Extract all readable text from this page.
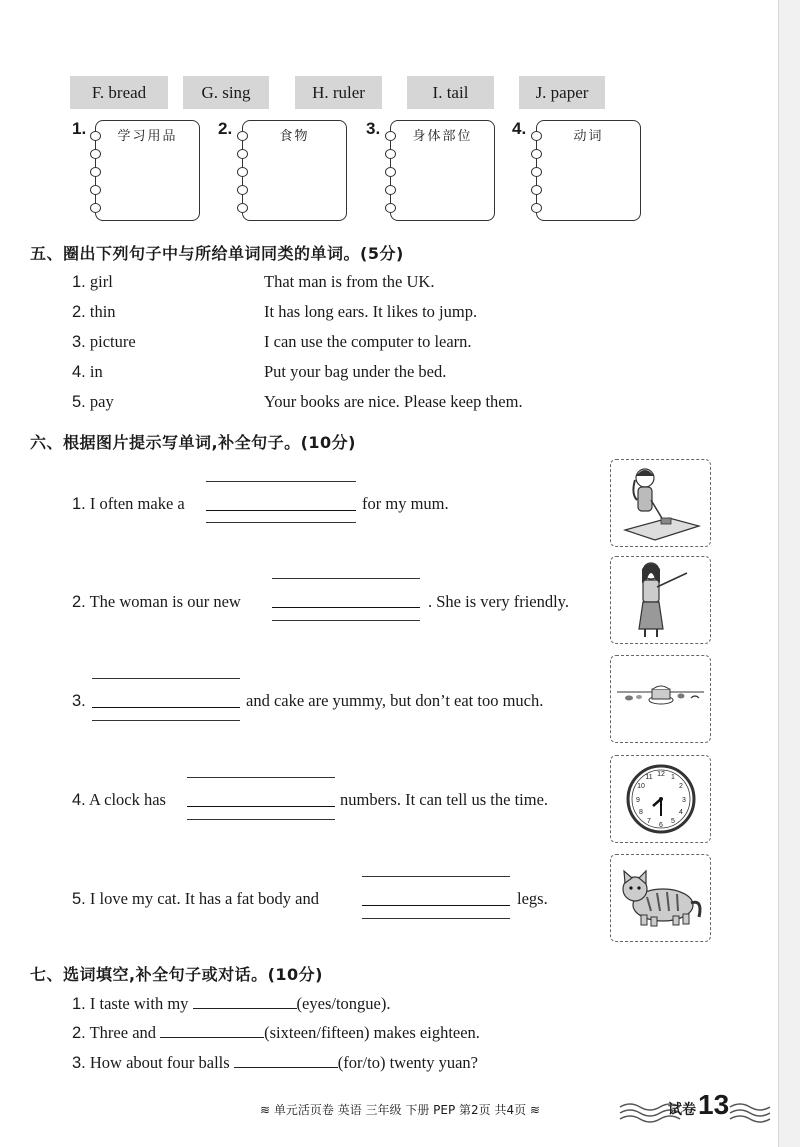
F. bread	G. sing	H. ruler	I. tail	J. paper
1.	学习用品	2.	食物	3.	身体部位	4.	动词
五、圈出下列句子中与所给单词同类的单词。(5分)
1. girl	That man is from the UK.
2. thin	It has long ears. It likes to jump.
3. picture	I can use the computer to learn.
4. in	Put your bag under the bed.
5. pay	Your books are nice. Please keep them.
六、根据图片提示写单词,补全句子。(10分)
1. I often make a	for my mum.
2. The woman is our new	. She is very friendly.
3.	and cake are yummy, but don’t eat too much.
4. A clock has	numbers. It can tell us the time.
12 1
2
3
4
5
6
7
8
9
10
11
5. I love my cat. It has a fat body and	legs.
七、选词填空,补全句子或对话。(10分)
1. I taste with my	(eyes/tongue).
2. Three and	(sixteen/fifteen) makes eighteen.
3. How about four balls	(for/to) twenty yuan?
≋ 单元活页卷 英语 三年级 下册 PEP 第2页 共4页 ≋	试卷 13
